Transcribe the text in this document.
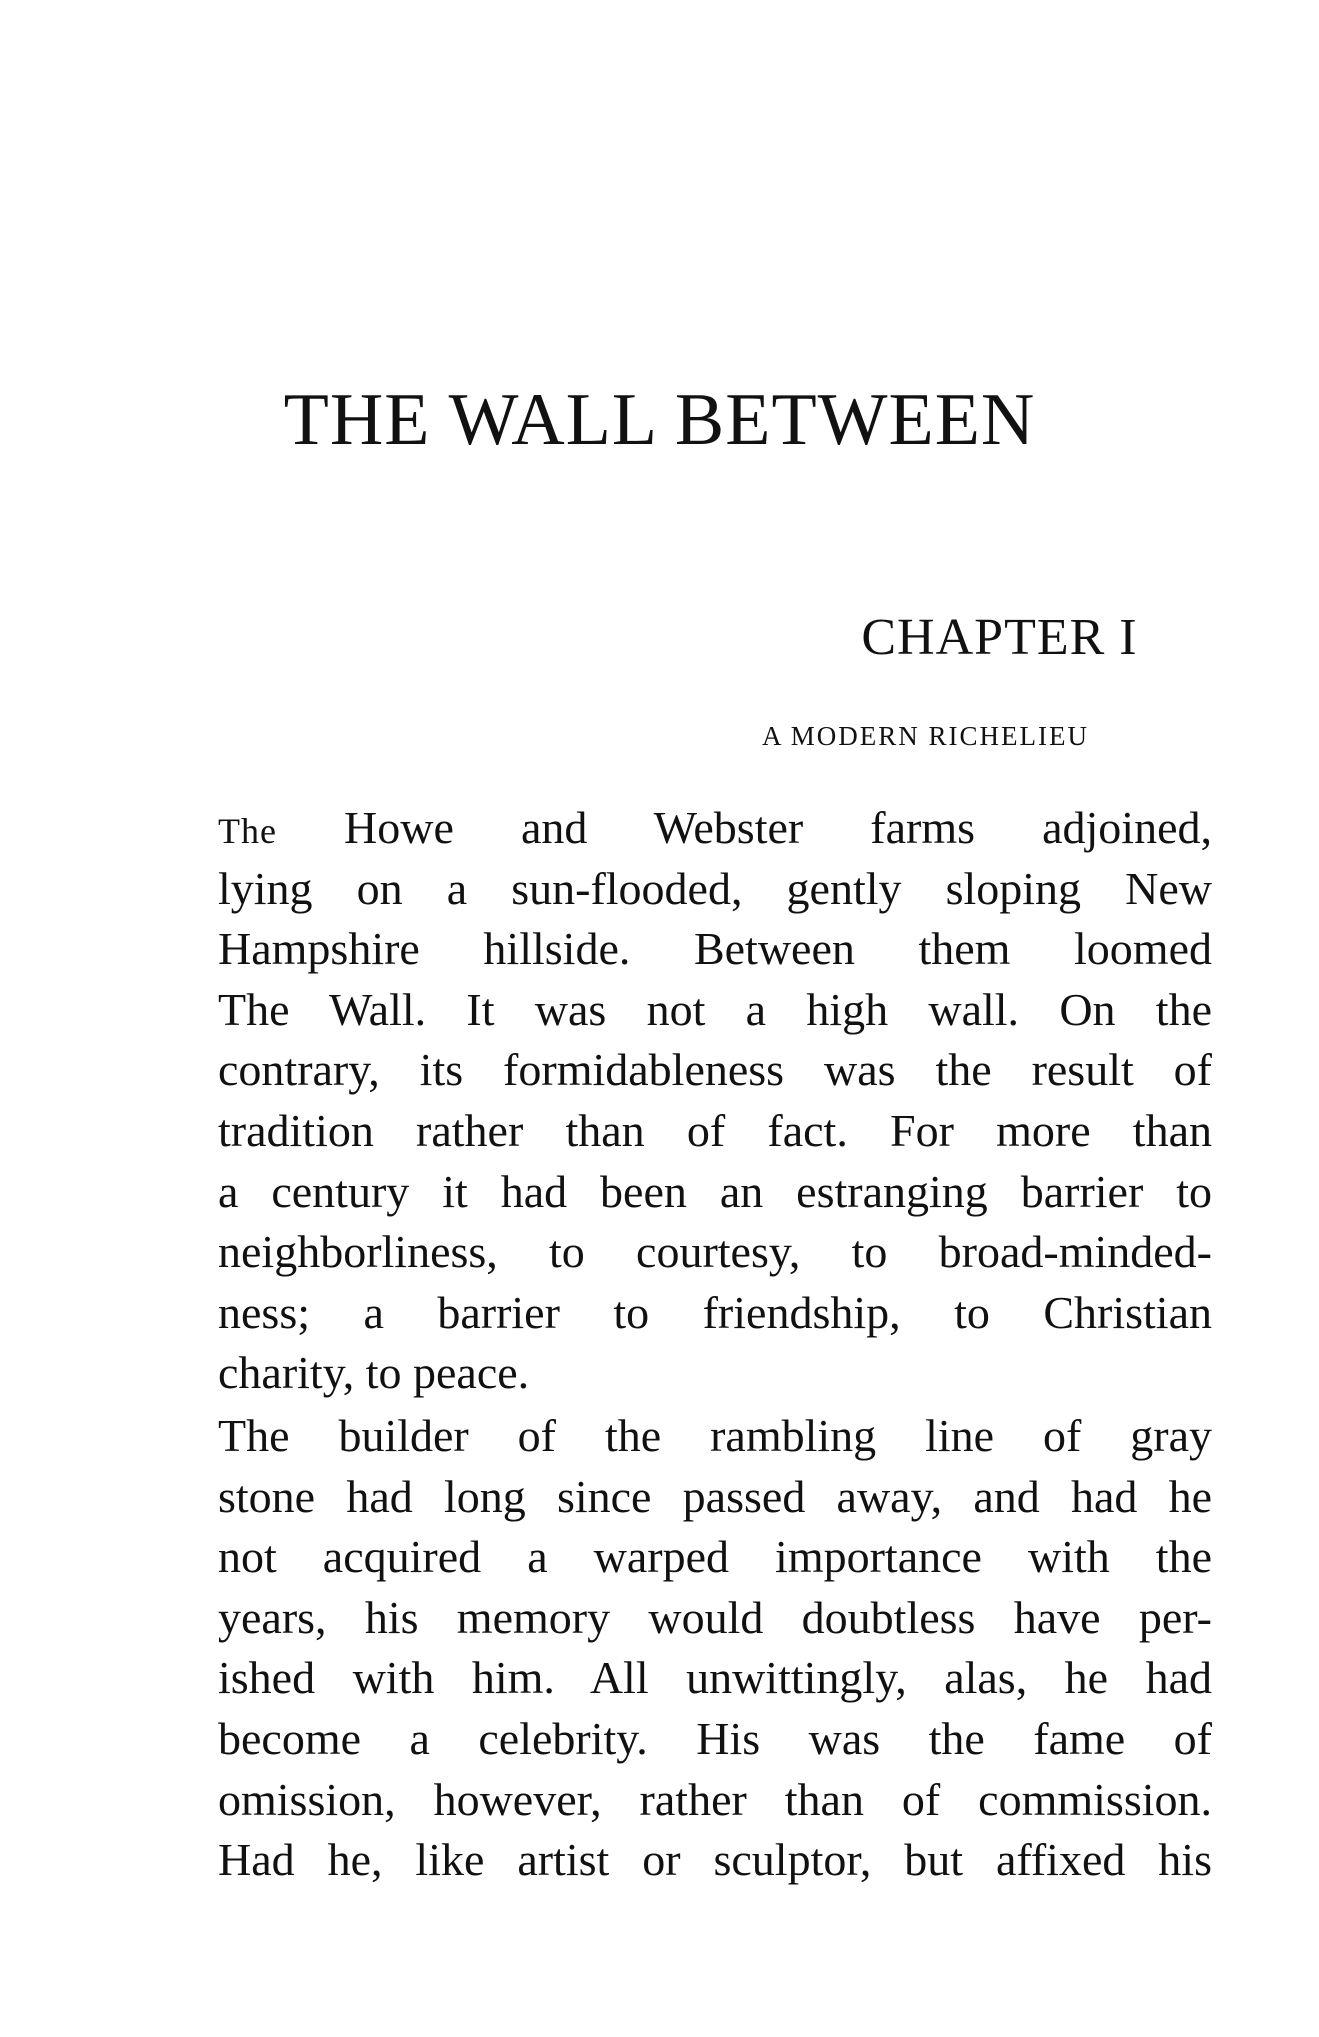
THE WALL BETWEEN
CHAPTER I
A MODERN RICHELIEU
The Howe and Webster farms adjoined,
lying on a sun-flooded, gently sloping New
Hampshire hillside. Between them loomed
The Wall. It was not a high wall. On the
contrary, its formidableness was the result of
tradition rather than of fact. For more than
a century it had been an estranging barrier to
neighborliness, to courtesy, to broad-minded-
ness; a barrier to friendship, to Christian
charity, to peace.
The builder of the rambling line of gray
stone had long since passed away, and had he
not acquired a warped importance with the
years, his memory would doubtless have per-
ished with him. All unwittingly, alas, he had
become a celebrity. His was the fame of
omission, however, rather than of commission.
Had he, like artist or sculptor, but affixed his
